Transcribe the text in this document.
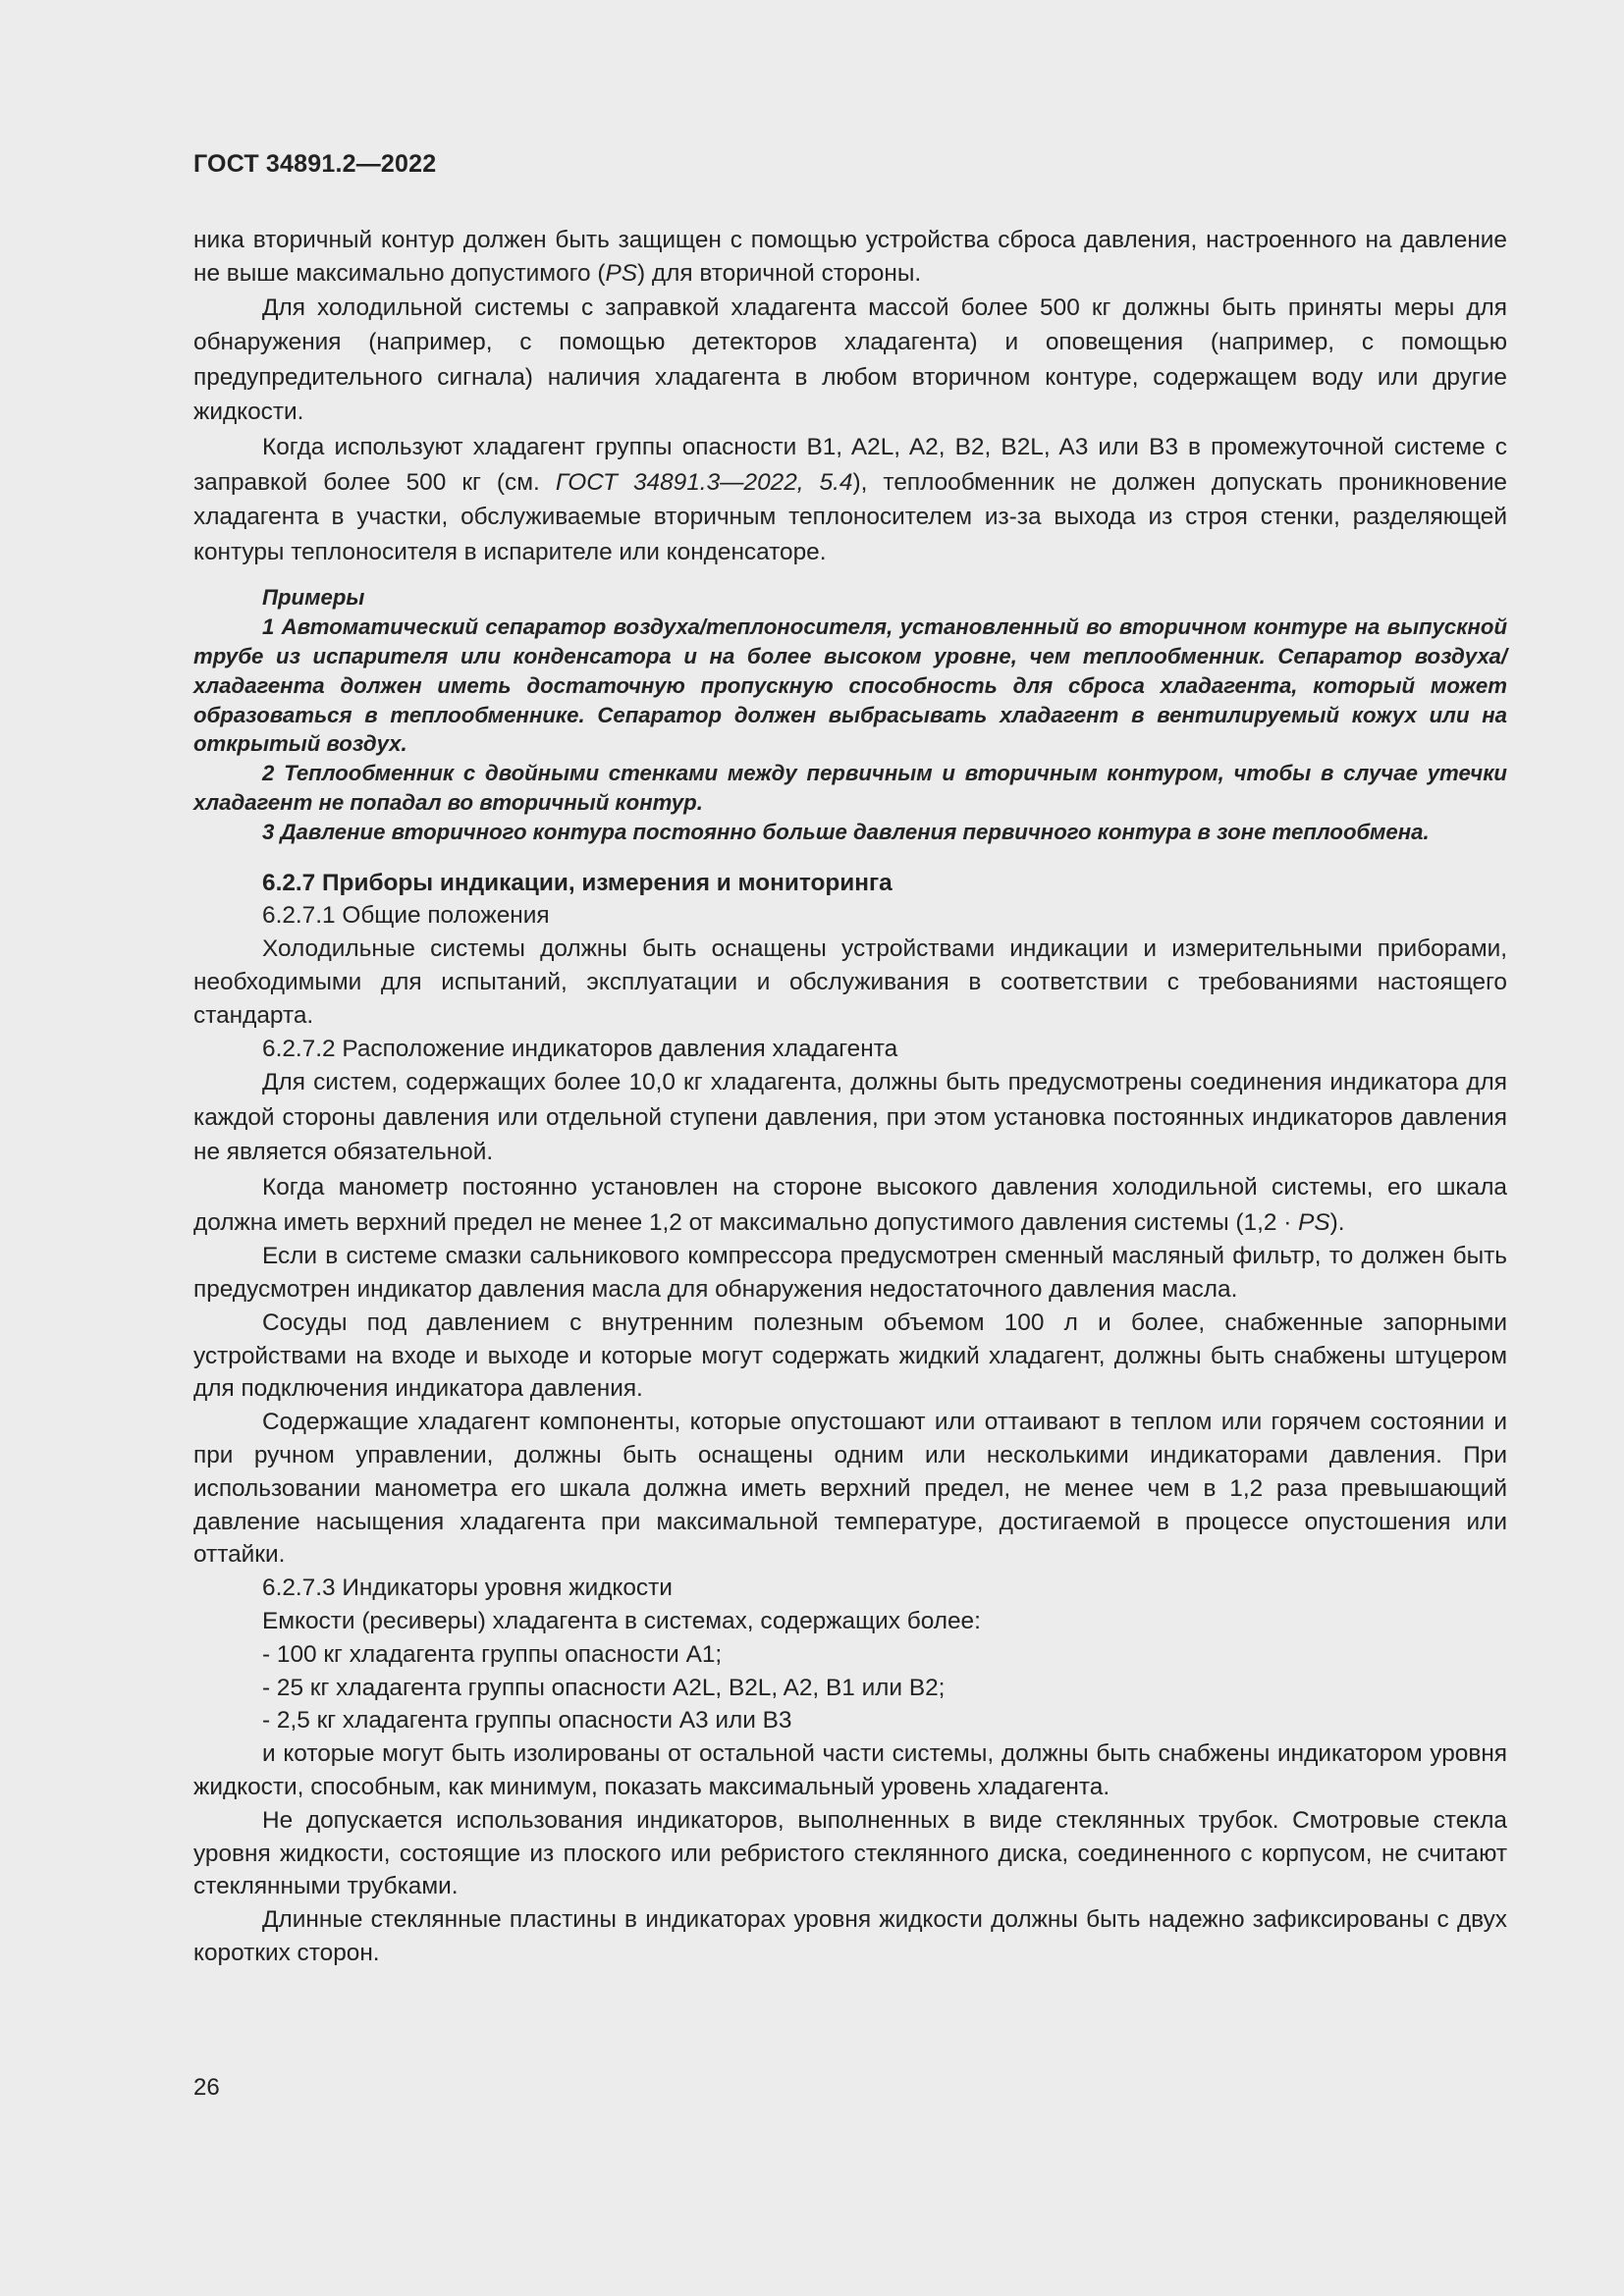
ГОСТ 34891.2—2022

ника вторичный контур должен быть защищен с помощью устройства сброса давления, настроенного на давление не выше максимально допустимого (PS) для вторичной стороны.

Для холодильной системы с заправкой хладагента массой более 500 кг должны быть приняты меры для обнаружения (например, с помощью детекторов хладагента) и оповещения (например, с помощью предупредительного сигнала) наличия хладагента в любом вторичном контуре, содержащем воду или другие жидкости.

Когда используют хладагент группы опасности B1, A2L, A2, B2, B2L, A3 или B3 в промежуточной системе с заправкой более 500 кг (см. ГОСТ 34891.3—2022, 5.4), теплообменник не должен допускать проникновение хладагента в участки, обслуживаемые вторичным теплоносителем из-за выхода из строя стенки, разделяющей контуры теплоносителя в испарителе или конденсаторе.

Примеры

1 Автоматический сепаратор воздуха/теплоносителя, установленный во вторичном контуре на выпускной трубе из испарителя или конденсатора и на более высоком уровне, чем теплообменник. Сепаратор воздуха/хладагента должен иметь достаточную пропускную способность для сброса хладагента, который может образоваться в теплообменнике. Сепаратор должен выбрасывать хладагент в вентилируемый кожух или на открытый воздух.

2 Теплообменник с двойными стенками между первичным и вторичным контуром, чтобы в случае утечки хладагент не попадал во вторичный контур.

3 Давление вторичного контура постоянно больше давления первичного контура в зоне теплообмена.

6.2.7 Приборы индикации, измерения и мониторинга

6.2.7.1 Общие положения

Холодильные системы должны быть оснащены устройствами индикации и измерительными приборами, необходимыми для испытаний, эксплуатации и обслуживания в соответствии с требованиями настоящего стандарта.

6.2.7.2 Расположение индикаторов давления хладагента

Для систем, содержащих более 10,0 кг хладагента, должны быть предусмотрены соединения индикатора для каждой стороны давления или отдельной ступени давления, при этом установка постоянных индикаторов давления не является обязательной.

Когда манометр постоянно установлен на стороне высокого давления холодильной системы, его шкала должна иметь верхний предел не менее 1,2 от максимально допустимого давления системы (1,2 · PS).

Если в системе смазки сальникового компрессора предусмотрен сменный масляный фильтр, то должен быть предусмотрен индикатор давления масла для обнаружения недостаточного давления масла.

Сосуды под давлением с внутренним полезным объемом 100 л и более, снабженные запорными устройствами на входе и выходе и которые могут содержать жидкий хладагент, должны быть снабжены штуцером для подключения индикатора давления.

Содержащие хладагент компоненты, которые опустошают или оттаивают в теплом или горячем состоянии и при ручном управлении, должны быть оснащены одним или несколькими индикаторами давления. При использовании манометра его шкала должна иметь верхний предел, не менее чем в 1,2 раза превышающий давление насыщения хладагента при максимальной температуре, достигаемой в процессе опустошения или оттайки.

6.2.7.3 Индикаторы уровня жидкости

Емкости (ресиверы) хладагента в системах, содержащих более:

- 100 кг хладагента группы опасности A1;

- 25 кг хладагента группы опасности A2L, B2L, A2, B1 или B2;

- 2,5 кг хладагента группы опасности A3 или B3

и которые могут быть изолированы от остальной части системы, должны быть снабжены индикатором уровня жидкости, способным, как минимум, показать максимальный уровень хладагента.

Не допускается использования индикаторов, выполненных в виде стеклянных трубок. Смотровые стекла уровня жидкости, состоящие из плоского или ребристого стеклянного диска, соединенного с корпусом, не считают стеклянными трубками.

Длинные стеклянные пластины в индикаторах уровня жидкости должны быть надежно зафиксированы с двух коротких сторон.

26
